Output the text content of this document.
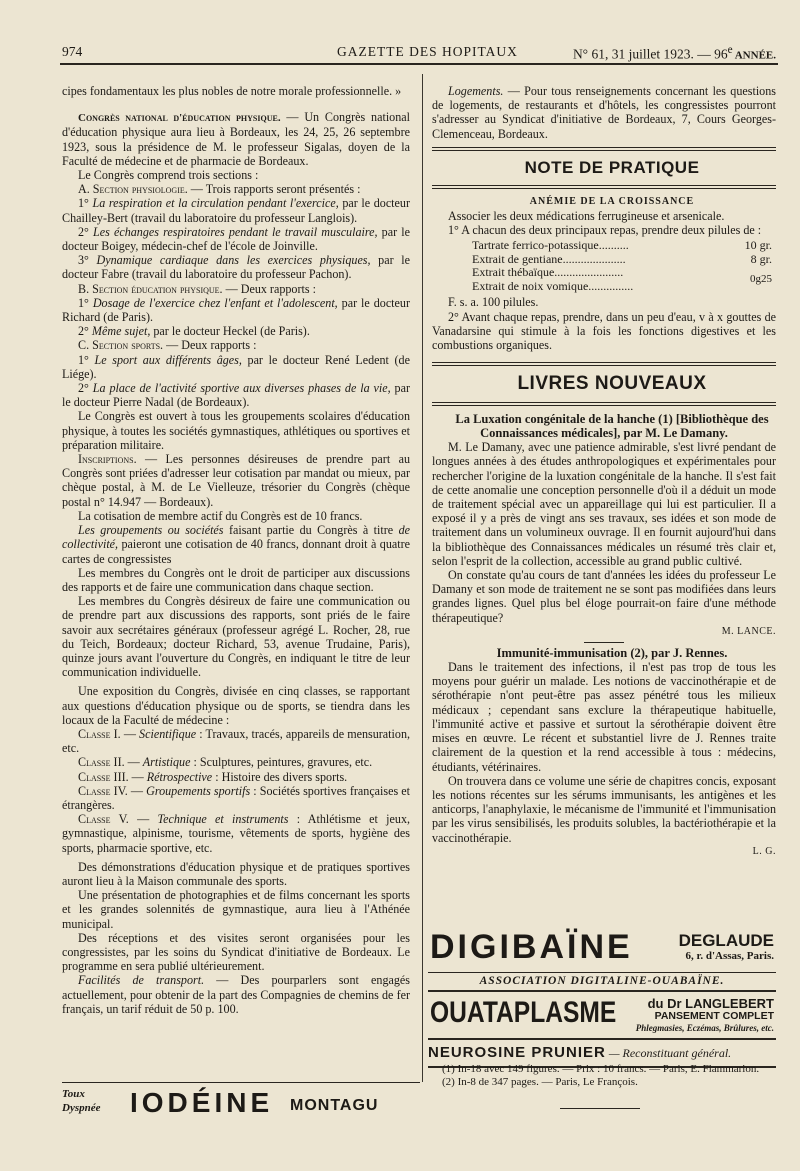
974	GAZETTE DES HOPITAUX	N° 61, 31 juillet 1923. — 96e ANNÉE.

cipes fondamentaux les plus nobles de notre morale professionnelle. »

Congrès national d'éducation physique. — Un Congrès national d'éducation physique aura lieu à Bordeaux, les 24, 25, 26 septembre 1923, sous la présidence de M. le professeur Sigalas, doyen de la Faculté de médecine et de pharmacie de Bordeaux.

Le Congrès comprend trois sections :

A. Section physiologie. — Trois rapports seront présentés :

1° La respiration et la circulation pendant l'exercice, par le docteur Chailley-Bert (travail du laboratoire du professeur Langlois).

2° Les échanges respiratoires pendant le travail musculaire, par le docteur Boigey, médecin-chef de l'école de Joinville.

3° Dynamique cardiaque dans les exercices physiques, par le docteur Fabre (travail du laboratoire du professeur Pachon).

B. Section éducation physique. — Deux rapports :

1° Dosage de l'exercice chez l'enfant et l'adolescent, par le docteur Richard (de Paris).

2° Même sujet, par le docteur Heckel (de Paris).

C. Section sports. — Deux rapports :

1° Le sport aux différents âges, par le docteur René Ledent (de Liége).

2° La place de l'activité sportive aux diverses phases de la vie, par le docteur Pierre Nadal (de Bordeaux).

Le Congrès est ouvert à tous les groupements scolaires d'éducation physique, à toutes les sociétés gymnastiques, athlétiques ou sportives et préparation militaire.

Inscriptions. — Les personnes désireuses de prendre part au Congrès sont priées d'adresser leur cotisation par mandat ou mieux, par chèque postal, à M. de Le Vielleuze, trésorier du Congrès (chèque postal n° 14.947 — Bordeaux).

La cotisation de membre actif du Congrès est de 10 francs.

Les groupements ou sociétés faisant partie du Congrès à titre de collectivité, paieront une cotisation de 40 francs, donnant droit à quatre cartes de congressistes

Les membres du Congrès ont le droit de participer aux discussions des rapports et de faire une communication dans chaque section.

Les membres du Congrès désireux de faire une communication ou de prendre part aux discussions des rapports, sont priés de le faire savoir aux secrétaires généraux (professeur agrégé L. Rocher, 28, rue du Teich, Bordeaux; docteur Richard, 53, avenue Trudaine, Paris), quinze jours avant l'ouverture du Congrès, en indiquant le titre de leur communication individuelle.

Une exposition du Congrès, divisée en cinq classes, se rapportant aux questions d'éducation physique ou de sports, se tiendra dans les locaux de la Faculté de médecine :

Classe I. — Scientifique : Travaux, tracés, appareils de mensuration, etc.

Classe II. — Artistique : Sculptures, peintures, gravures, etc.

Classe III. — Rétrospective : Histoire des divers sports.

Classe IV. — Groupements sportifs : Sociétés sportives françaises et étrangères.

Classe V. — Technique et instruments : Athlétisme et jeux, gymnastique, alpinisme, tourisme, vêtements de sports, hygiène des sports, pharmacie sportive, etc.

Des démonstrations d'éducation physique et de pratiques sportives auront lieu à la Maison communale des sports.

Une présentation de photographies et de films concernant les sports et les grandes solennités de gymnastique, aura lieu à l'Athénée municipal.

Des réceptions et des visites seront organisées pour les congressistes, par les soins du Syndicat d'initiative de Bordeaux. Le programme en sera publié ultérieurement.

Facilités de transport. — Des pourparlers sont engagés actuellement, pour obtenir de la part des Compagnies de chemins de fer français, un tarif réduit de 50 p. 100.

Toux
Dyspnée IODÉINE MONTAGU

Logements. — Pour tous renseignements concernant les questions de logements, de restaurants et d'hôtels, les congressistes pourront s'adresser au Syndicat d'initiative de Bordeaux, 7, Cours Georges-Clemenceau, Bordeaux.

NOTE DE PRATIQUE

ANÉMIE DE LA CROISSANCE

Associer les deux médications ferrugineuse et arsenicale.

1° A chacun des deux principaux repas, prendre deux pilules de :

Tartrate ferrico-potassique..........	10 gr.
Extrait de gentiane.....................	8 gr.
Extrait thébaïque.......................
Extrait de noix vomique...............	0g25

F. s. a. 100 pilules.

2° Avant chaque repas, prendre, dans un peu d'eau, v à x gouttes de Vanadarsine qui stimule à la fois les fonctions digestives et les combustions organiques.

LIVRES NOUVEAUX

La Luxation congénitale de la hanche (1) [Bibliothèque des Connaissances médicales], par M. Le Damany.

M. Le Damany, avec une patience admirable, s'est livré pendant de longues années à des études anthropologiques et expérimentales pour rechercher l'origine de la luxation congénitale de la hanche. Il s'est fait de cette anomalie une conception personnelle d'où il a déduit un mode de traitement spécial avec un appareillage qui lui est particulier. Il a exposé il y a près de vingt ans ses travaux, ses idées et son mode de traitement dans un volumineux ouvrage. Il en fournit aujourd'hui dans la bibliothèque des Connaissances médicales un résumé très clair et, selon l'esprit de la collection, accessible au grand public cultivé.

On constate qu'au cours de tant d'années les idées du professeur Le Damany et son mode de traitement ne se sont pas modifiées dans leurs grandes lignes. Quel plus bel éloge pourrait-on faire d'une méthode thérapeutique?

M. LANCE.

Immunité-immunisation (2), par J. Rennes.

Dans le traitement des infections, il n'est pas trop de tous les moyens pour guérir un malade. Les notions de vaccinothérapie et de sérothérapie n'ont peut-être pas assez pénétré tous les milieux médicaux ; cependant sans exclure la thérapeutique habituelle, l'immunité active et passive et surtout la sérothérapie doivent être mises en œuvre. Le récent et substantiel livre de J. Rennes traite clairement de la question et la rend accessible à tous : médecins, étudiants, vétérinaires.

On trouvera dans ce volume une série de chapitres concis, exposant les notions récentes sur les sérums immunisants, les antigènes et les anticorps, l'anaphylaxie, le mécanisme de l'immunité et l'immunisation par les virus sensibilisés, les produits solubles, la bactériothérapie et la vaccinothérapie.

L. G.

DIGIBAÏNE	DEGLAUDE
6, r. d'Assas, Paris.
ASSOCIATION DIGITALINE-OUABAÏNE.
OUATAPLASME du Dr LANGLEBERT
PANSEMENT COMPLET
Phlegmasies, Eczémas, Brûlures, etc.
NEUROSINE PRUNIER — Reconstituant général.

(1) In-18 avec 149 figures. — Prix : 10 francs. — Paris, E. Flammarion.

(2) In-8 de 347 pages. — Paris, Le François.
